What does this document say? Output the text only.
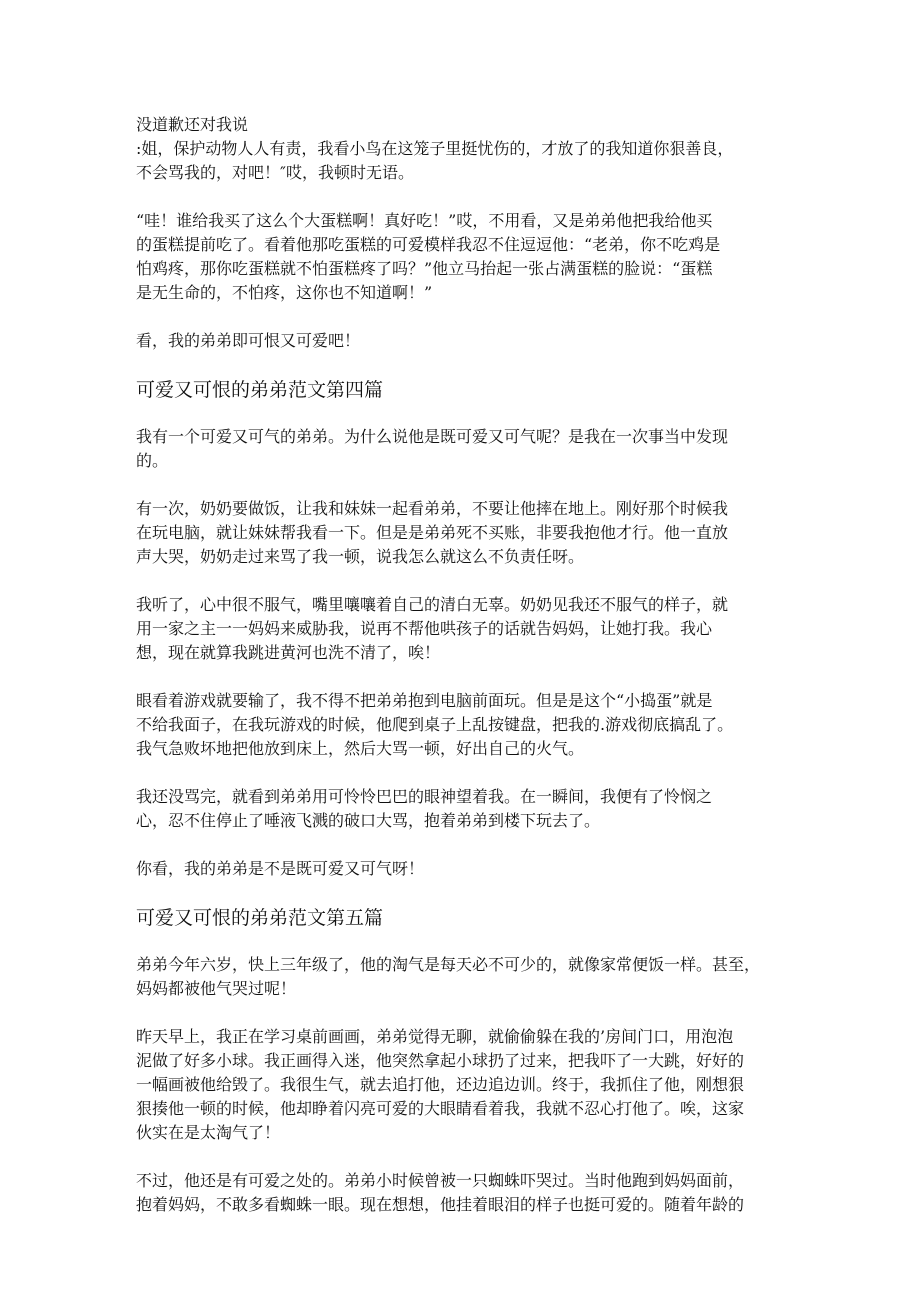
没道歉还对我说
:姐，保护动物人人有责，我看小鸟在这笼子里挺忧伤的，才放了的我知道你狠善良，
不会骂我的，对吧！″哎，我顿时无语。

“哇！谁给我买了这么个大蛋糕啊！真好吃！”哎，不用看，又是弟弟他把我给他买
的蛋糕提前吃了。看着他那吃蛋糕的可爱模样我忍不住逗逗他：“老弟，你不吃鸡是
怕鸡疼，那你吃蛋糕就不怕蛋糕疼了吗？”他立马抬起一张占满蛋糕的脸说：“蛋糕
是无生命的，不怕疼，这你也不知道啊！”

看，我的弟弟即可恨又可爱吧！

可爱又可恨的弟弟范文第四篇

我有一个可爱又可气的弟弟。为什么说他是既可爱又可气呢？是我在一次事当中发现
的。

有一次，奶奶要做饭，让我和妹妹一起看弟弟，不要让他摔在地上。刚好那个时候我
在玩电脑，就让妹妹帮我看一下。但是是弟弟死不买账，非要我抱他才行。他一直放
声大哭，奶奶走过来骂了我一顿，说我怎么就这么不负责任呀。

我听了，心中很不服气，嘴里嚷嚷着自己的清白无辜。奶奶见我还不服气的样子，就
用一家之主一一妈妈来威胁我，说再不帮他哄孩子的话就告妈妈，让她打我。我心
想，现在就算我跳进黄河也洗不清了，唉！

眼看着游戏就要输了，我不得不把弟弟抱到电脑前面玩。但是是这个“小捣蛋”就是
不给我面子，在我玩游戏的时候，他爬到桌子上乱按键盘，把我的.游戏彻底搞乱了。
我气急败坏地把他放到床上，然后大骂一顿，好出自己的火气。

我还没骂完，就看到弟弟用可怜怜巴巴的眼神望着我。在一瞬间，我便有了怜悯之
心，忍不住停止了唾液飞溅的破口大骂，抱着弟弟到楼下玩去了。

你看，我的弟弟是不是既可爱又可气呀！

可爱又可恨的弟弟范文第五篇

弟弟今年六岁，快上三年级了，他的淘气是每天必不可少的，就像家常便饭一样。甚至，
妈妈都被他气哭过呢！

昨天早上，我正在学习桌前画画，弟弟觉得无聊，就偷偷躲在我的’房间门口，用泡泡
泥做了好多小球。我正画得入迷，他突然拿起小球扔了过来，把我吓了一大跳，好好的
一幅画被他给毁了。我很生气，就去追打他，还边追边训。终于，我抓住了他，刚想狠
狠揍他一顿的时候，他却睁着闪亮可爱的大眼睛看着我，我就不忍心打他了。唉，这家
伙实在是太淘气了！

不过，他还是有可爱之处的。弟弟小时候曾被一只蜘蛛吓哭过。当时他跑到妈妈面前，
抱着妈妈，不敢多看蜘蛛一眼。现在想想，他挂着眼泪的样子也挺可爱的。随着年龄的
